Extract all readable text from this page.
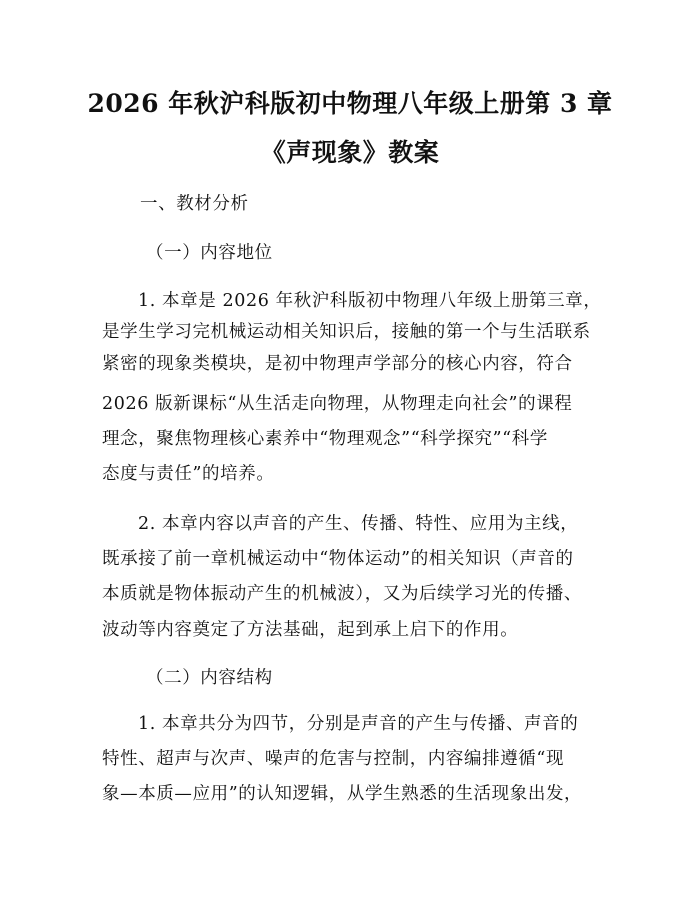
2026 年秋沪科版初中物理八年级上册第 3 章
《声现象》教案
一、教材分析
（一）内容地位
1. 本章是 2026 年秋沪科版初中物理八年级上册第三章，
是学生学习完机械运动相关知识后，接触的第一个与生活联系
紧密的现象类模块，是初中物理声学部分的核心内容，符合
2026 版新课标“从生活走向物理，从物理走向社会”的课程
理念，聚焦物理核心素养中“物理观念”“科学探究”“科学
态度与责任”的培养。
2. 本章内容以声音的产生、传播、特性、应用为主线，
既承接了前一章机械运动中“物体运动”的相关知识（声音的
本质就是物体振动产生的机械波），又为后续学习光的传播、
波动等内容奠定了方法基础，起到承上启下的作用。
（二）内容结构
1. 本章共分为四节，分别是声音的产生与传播、声音的
特性、超声与次声、噪声的危害与控制，内容编排遵循“现
象—本质—应用”的认知逻辑，从学生熟悉的生活现象出发，
